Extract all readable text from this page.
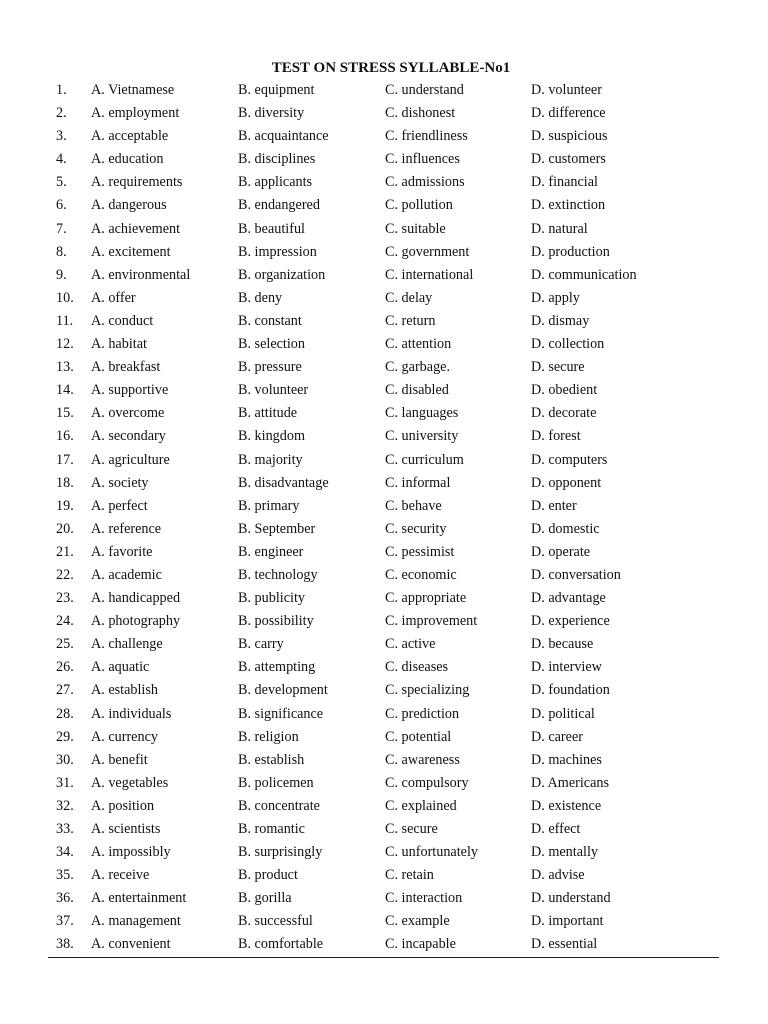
TEST ON STRESS SYLLABLE-No1
1. A. Vietnamese	B. equipment	C. understand	D. volunteer
2. A. employment	B. diversity	C. dishonest	D. difference
3. A. acceptable	B. acquaintance	C. friendliness	D. suspicious
4. A. education	B. disciplines	C. influences	D. customers
5. A. requirements	B. applicants	C. admissions	D. financial
6. A. dangerous	B. endangered	C. pollution	D. extinction
7. A. achievement	B. beautiful	C. suitable	D. natural
8. A. excitement	B. impression	C. government	D. production
9. A. environmental	B. organization	C. international	D. communication
10. A. offer	B. deny	C. delay	D. apply
11. A. conduct	B. constant	C. return	D. dismay
12. A. habitat	B. selection	C. attention	D. collection
13. A. breakfast	B. pressure	C. garbage.	D. secure
14. A. supportive	B. volunteer	C. disabled	D. obedient
15. A. overcome	B. attitude	C. languages	D. decorate
16. A. secondary	B. kingdom	C. university	D. forest
17. A. agriculture	B. majority	C. curriculum	D. computers
18. A. society	B. disadvantage	C. informal	D. opponent
19. A. perfect	B. primary	C. behave	D. enter
20. A. reference	B. September	C. security	D. domestic
21. A. favorite	B. engineer	C. pessimist	D. operate
22. A. academic	B. technology	C. economic	D. conversation
23. A. handicapped	B. publicity	C. appropriate	D. advantage
24. A. photography	B. possibility	C. improvement	D. experience
25. A. challenge	B. carry	C. active	D. because
26. A. aquatic	B. attempting	C. diseases	D. interview
27. A. establish	B. development	C. specializing	D. foundation
28. A. individuals	B. significance	C. prediction	D. political
29. A. currency	B. religion	C. potential	D. career
30. A. benefit	B. establish	C. awareness	D. machines
31. A. vegetables	B. policemen	C. compulsory	D. Americans
32. A. position	B. concentrate	C. explained	D. existence
33. A. scientists	B. romantic	C. secure	D. effect
34. A. impossibly	B. surprisingly	C. unfortunately	D. mentally
35. A. receive	B. product	C. retain	D. advise
36. A. entertainment	B. gorilla	C. interaction	D. understand
37. A. management	B. successful	C. example	D. important
38. A. convenient	B. comfortable	C. incapable	D. essential
